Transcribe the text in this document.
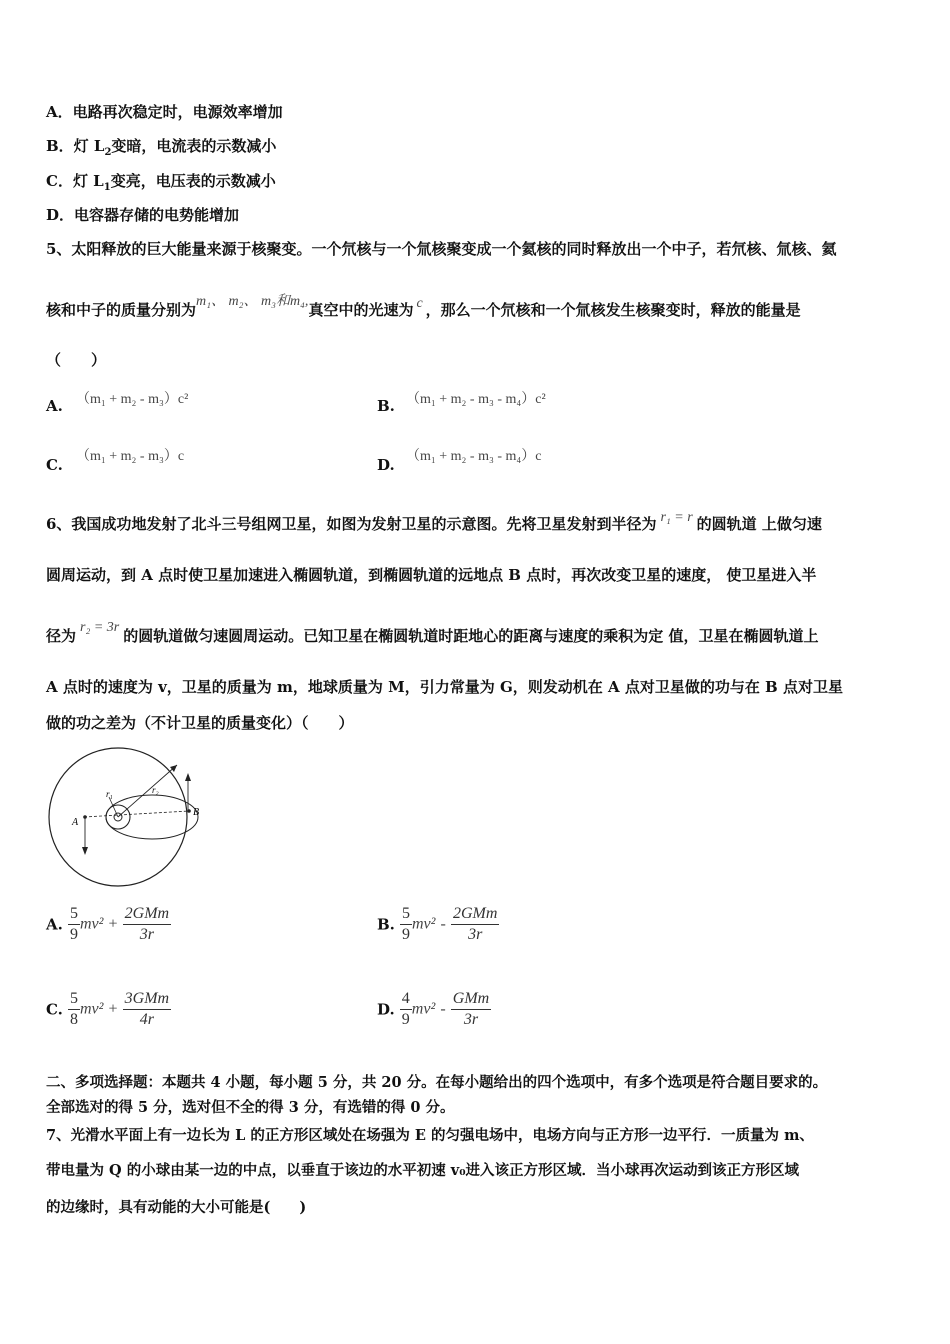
A．电路再次稳定时，电源效率增加
B．灯 $L_2$变暗，电流表的示数减小
C．灯 $L_1$变亮，电压表的示数减小
D．电容器存储的电势能增加
5、太阳释放的巨大能量来源于核聚变。一个氘核与一个氚核聚变成一个氦核的同时释放出一个中子，若氘核、氚核、氦
核和中子的质量分别为m₁、 m₂、 m₃和m₄,真空中的光速为 c ，那么一个氘核和一个氚核发生核聚变时，释放的能量是
（　　）
A. （m₁ + m₂ - m₃）c²	B. （m₁ + m₂ - m₃ - m₄）c²
C. （m₁ + m₂ - m₃）c	D. （m₁ + m₂ - m₃ - m₄）c
6、我国成功地发射了北斗三号组网卫星，如图为发射卫星的示意图。先将卫星发射到半径为 r₁ = r 的圆轨道 上做匀速
圆周运动，到 A 点时使卫星加速进入椭圆轨道，到椭圆轨道的远地点 B 点时，再次改变卫星的速度， 使卫星进入半
径为 r₂ = 3r 的圆轨道做匀速圆周运动。已知卫星在椭圆轨道时距地心的距离与速度的乘积为定 值，卫星在椭圆轨道上
A 点时的速度为 v，卫星的质量为 m，地球质量为 M，引力常量为 G，则发动机在 A 点对卫星做的功与在 B 点对卫星
做的功之差为（不计卫星的质量变化）（　　）
r₁	r₂
A
B
A. $\frac{5}{9} mv^2 + \frac{\text{2GMm}}{3r}$	B. $\frac{5}{9} mv^2 - \frac{\text{2GMm}}{3r}$
C. $\frac{5}{8} mv^2 + \frac{\text{3GMm}}{4r}$	D. $\frac{4}{9} mv^2 - \frac{\text{GMm}}{3r}$
二、多项选择题：本题共 4 小题，每小题 5 分，共 20 分。在每小题给出的四个选项中，有多个选项是符合题目要求的。
全部选对的得 5 分，选对但不全的得 3 分，有选错的得 0 分。
7、光滑水平面上有一边长为 L 的正方形区域处在场强为 E 的匀强电场中，电场方向与正方形一边平行．一质量为 m、
带电量为 Q 的小球由某一边的中点，以垂直于该边的水平初速 v₀进入该正方形区域．当小球再次运动到该正方形区域
的边缘时，具有动能的大小可能是(　　)
